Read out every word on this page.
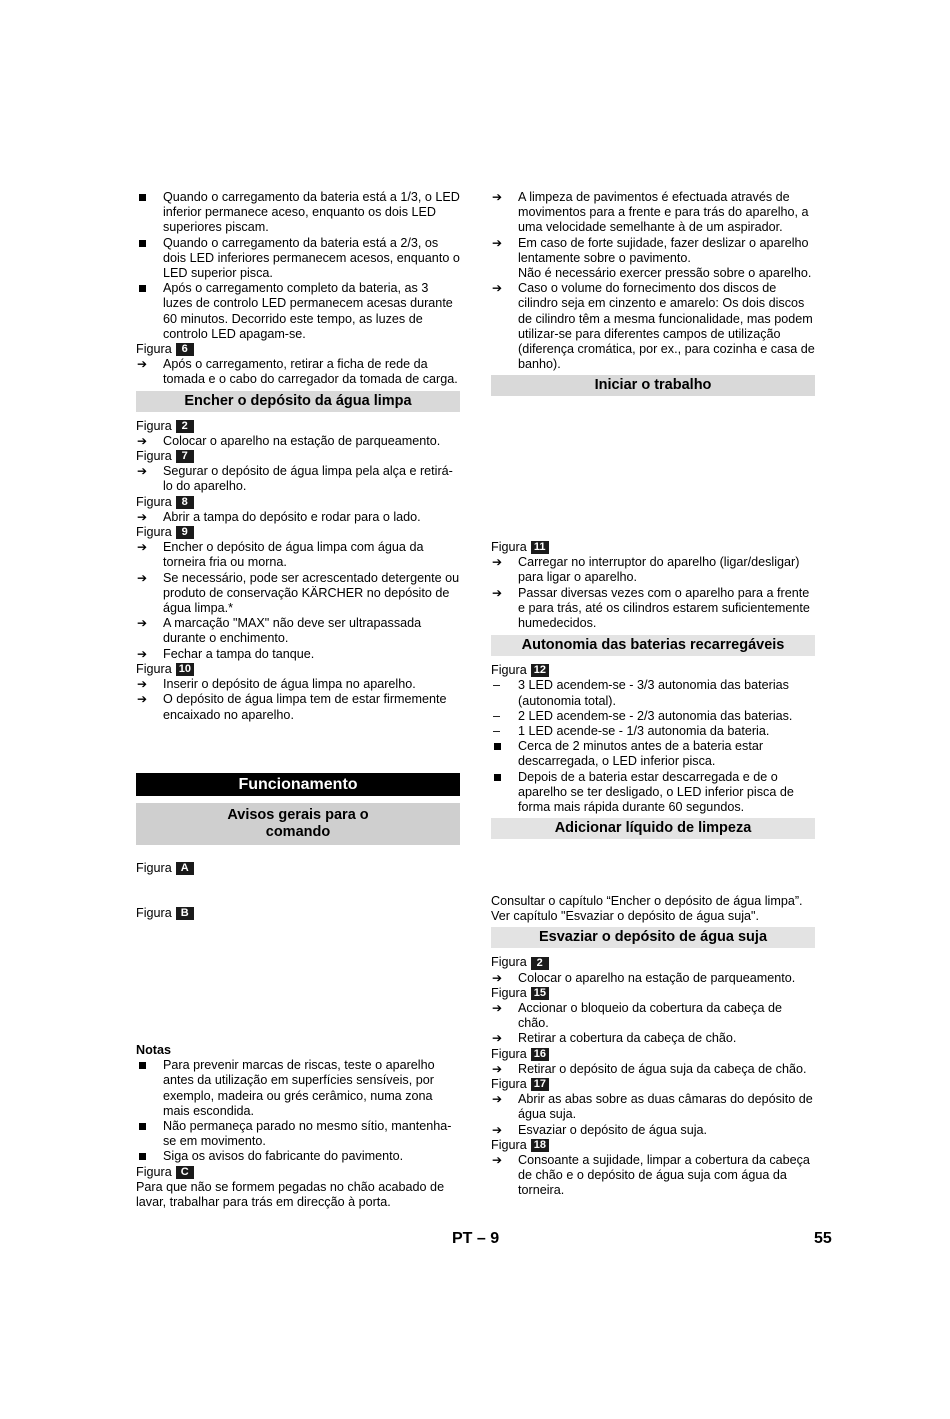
Quando o carregamento da bateria está a 1/3, o LED inferior permanece aceso, enquanto os dois LED superiores piscam.
Quando o carregamento da bateria está a 2/3, os dois LED inferiores permanecem acesos, enquanto o LED superior pisca.
Após o carregamento completo da bateria, as 3 luzes de controlo LED permanecem acesas durante 60 minutos. Decorrido este tempo, as luzes de controlo LED apagam-se.
Figura 6
Após o carregamento, retirar a ficha de rede da tomada e o cabo do carregador da tomada de carga.
Encher o depósito da água limpa
Figura 2
Colocar o aparelho na estação de parqueamento.
Figura 7
Segurar o depósito de água limpa pela alça e retirá-lo do aparelho.
Figura 8
Abrir a tampa do depósito e rodar para o lado.
Figura 9
Encher o depósito de água limpa com água da torneira fria ou morna.
Se necessário, pode ser acrescentado detergente ou produto de conservação KÄRCHER no depósito de água limpa.*
A marcação "MAX" não deve ser ultrapassada durante o enchimento.
Fechar a tampa do tanque.
Figura 10
Inserir o depósito de água limpa no aparelho.
O depósito de água limpa tem de estar firmemente encaixado no aparelho.
Funcionamento
Avisos gerais para o comando
Figura A
Figura B
Notas
Para prevenir marcas de riscas, teste o aparelho antes da utilização em superfícies sensíveis, por exemplo, madeira ou grés cerâmico, numa zona mais escondida.
Não permaneça parado no mesmo sítio, mantenha-se em movimento.
Siga os avisos do fabricante do pavimento.
Figura C
Para que não se formem pegadas no chão acabado de lavar, trabalhar para trás em direcção à porta.
A limpeza de pavimentos é efectuada através de movimentos para a frente e para trás do aparelho, a uma velocidade semelhante à de um aspirador.
Em caso de forte sujidade, fazer deslizar o aparelho lentamente sobre o pavimento.
Não é necessário exercer pressão sobre o aparelho.
Caso o volume do fornecimento dos discos de cilindro seja em cinzento e amarelo: Os dois discos de cilindro têm a mesma funcionalidade, mas podem utilizar-se para diferentes campos de utilização (diferença cromática, por ex., para cozinha e casa de banho).
Iniciar o trabalho
Figura 11
Carregar no interruptor do aparelho (ligar/desligar) para ligar o aparelho.
Passar diversas vezes com o aparelho para a frente e para trás, até os cilindros estarem suficientemente humedecidos.
Autonomia das baterias recarregáveis
Figura 12
3 LED acendem-se - 3/3 autonomia das baterias (autonomia total).
2 LED acendem-se - 2/3 autonomia das baterias.
1 LED acende-se - 1/3 autonomia da bateria.
Cerca de 2 minutos antes de a bateria estar descarregada, o LED inferior pisca.
Depois de a bateria estar descarregada e de o aparelho se ter desligado, o LED inferior pisca de forma mais rápida durante 60 segundos.
Adicionar líquido de limpeza
Consultar o capítulo “Encher o depósito de água limpa”.
Ver capítulo "Esvaziar o depósito de água suja".
Esvaziar o depósito de água suja
Figura 2
Colocar o aparelho na estação de parqueamento.
Figura 15
Accionar o bloqueio da cobertura da cabeça de chão.
Retirar a cobertura da cabeça de chão.
Figura 16
Retirar o depósito de água suja da cabeça de chão.
Figura 17
Abrir as abas sobre as duas câmaras do depósito de água suja.
Esvaziar o depósito de água suja.
Figura 18
Consoante a sujidade, limpar a cobertura da cabeça de chão e o depósito de água suja com água da torneira.
PT – 9	55
